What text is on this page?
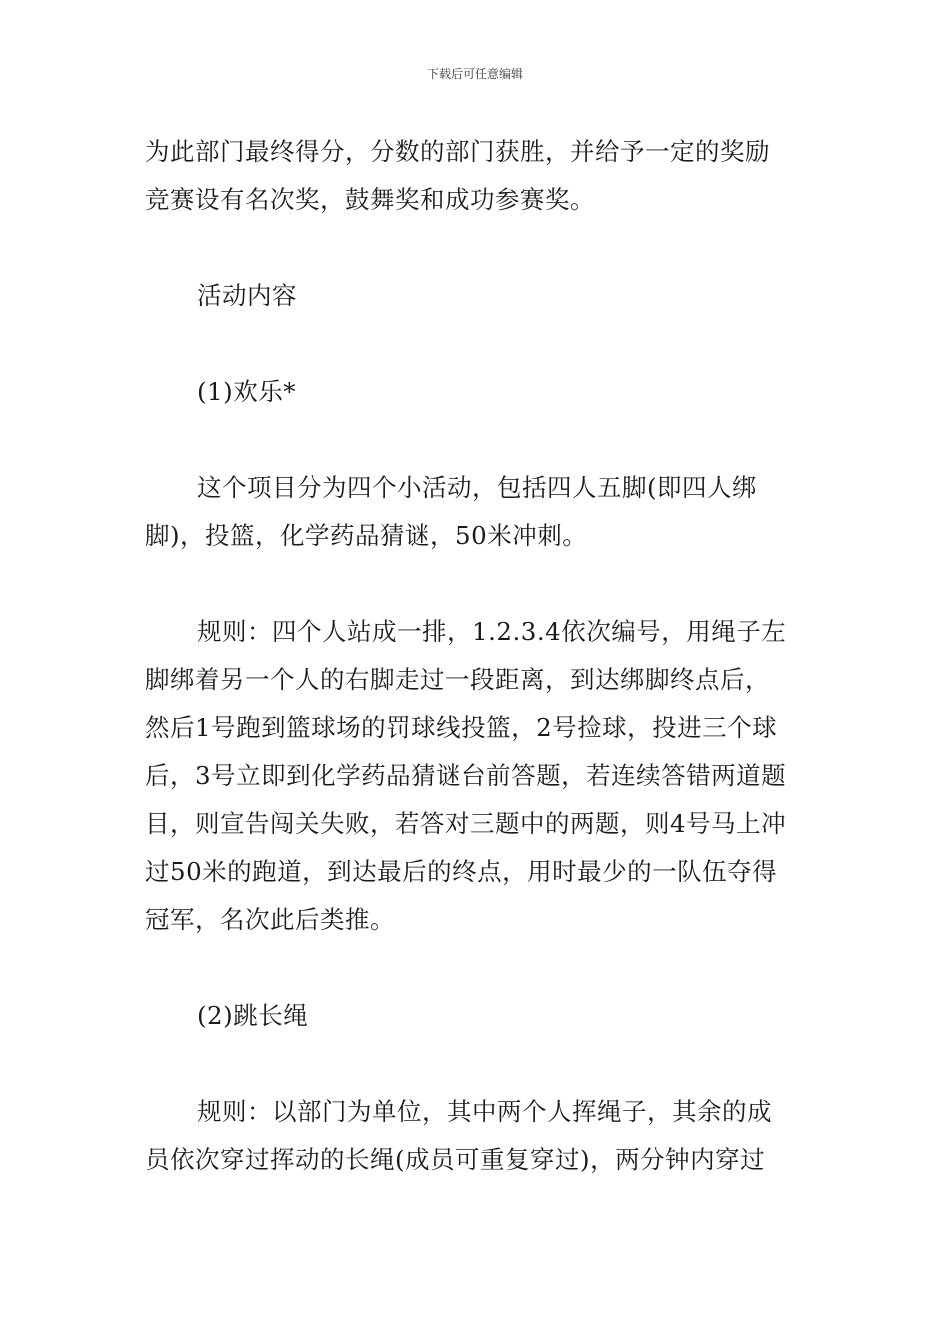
下载后可任意编辑
为此部门最终得分，分数的部门获胜，并给予一定的奖励
竞赛设有名次奖，鼓舞奖和成功参赛奖。
活动内容
(1)欢乐*
这个项目分为四个小活动，包括四人五脚(即四人绑
脚)，投篮，化学药品猜谜，50米冲刺。
规则：四个人站成一排，1.2.3.4依次编号，用绳子左
脚绑着另一个人的右脚走过一段距离，到达绑脚终点后，
然后1号跑到篮球场的罚球线投篮，2号捡球，投进三个球
后，3号立即到化学药品猜谜台前答题，若连续答错两道题
目，则宣告闯关失败，若答对三题中的两题，则4号马上冲
过50米的跑道，到达最后的终点，用时最少的一队伍夺得
冠军，名次此后类推。
(2)跳长绳
规则：以部门为单位，其中两个人挥绳子，其余的成
员依次穿过挥动的长绳(成员可重复穿过)，两分钟内穿过
